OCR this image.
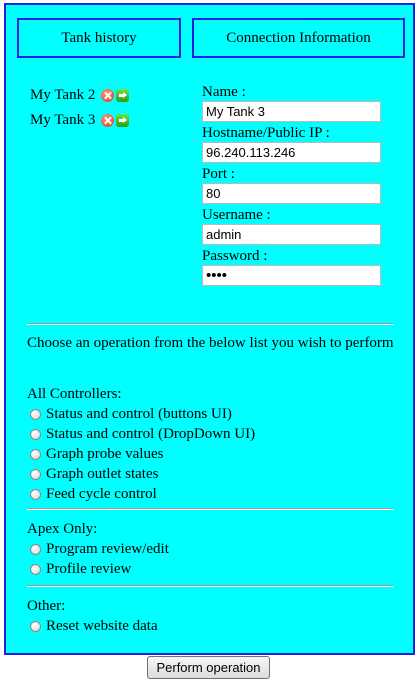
Tank history	Connection Information
My Tank 2
My Tank 3
Name :
My Tank 3
Hostname/Public IP :
96.240.113.246
Port :
80
Username :
admin
Password :
Choose an operation from the below list you wish to perform
All Controllers:
Status and control (buttons UI)
Status and control (DropDown UI)
Graph probe values
Graph outlet states
Feed cycle control
Apex Only:
Program review/edit
Profile review
Other:
Reset website data
Perform operation
